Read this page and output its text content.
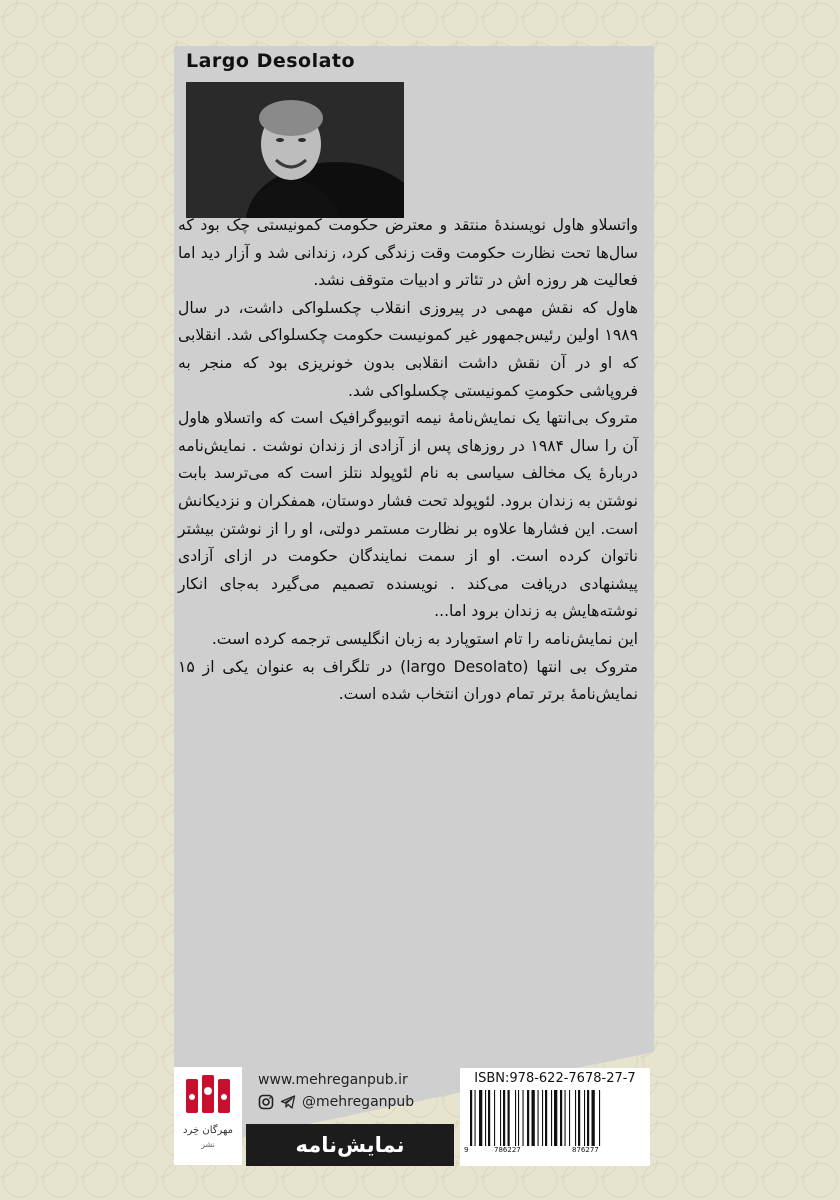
Largo Desolato

واتسلاو هاول نویسندهٔ منتقد و معترض حکومت کمونیستی چک بود که سال‌ها تحت نظارت حکومت وقت زندگی کرد، زندانی شد و آزار دید اما فعالیت هر روزه اش در تئاتر و ادبیات متوقف نشد.

هاول که نقش مهمی در پیروزی انقلاب چکسلواکی داشت، در سال ۱۹۸۹ اولین رئیس‌جمهور غیر کمونیست حکومت چکسلواکی شد. انقلابی که او در آن نقش داشت انقلابی بدون خونریزی بود که منجر به فروپاشی حکومتِ کمونیستی چکسلواکی شد.

متروک بی‌انتها یک نمایش‌نامهٔ نیمه اتوبیوگرافیک است که واتسلاو هاول آن را سال ۱۹۸۴ در روزهای پس از آزادی از زندان نوشت . نمایش‌نامه دربارهٔ یک مخالف سیاسی به نام لئوپولد نتلز است که می‌ترسد بابت نوشتن به زندان برود. لئوپولد تحت فشار دوستان، همفکران و نزدیکانش است. این فشارها علاوه بر نظارت مستمر دولتی، او را از نوشتن بیشتر ناتوان کرده است. او از سمت نمایندگان حکومت در ازای آزادی پیشنهادی دریافت می‌کند . نویسنده تصمیم می‌گیرد به‌جای انکار نوشته‌هایش به زندان برود اما...

این نمایش‌نامه را تام استوپارد به زبان انگلیسی ترجمه کرده است.

متروک بی انتها (largo Desolato) در تلگراف به عنوان یکی از ۱۵ نمایش‌نامهٔ برتر تمام دوران انتخاب شده است.

مهرگان خِرد
نشر
www.mehreganpub.ir
@mehreganpub
نمایش‌نامه
ISBN:978-622-7678-27-7
9	786227	876277
